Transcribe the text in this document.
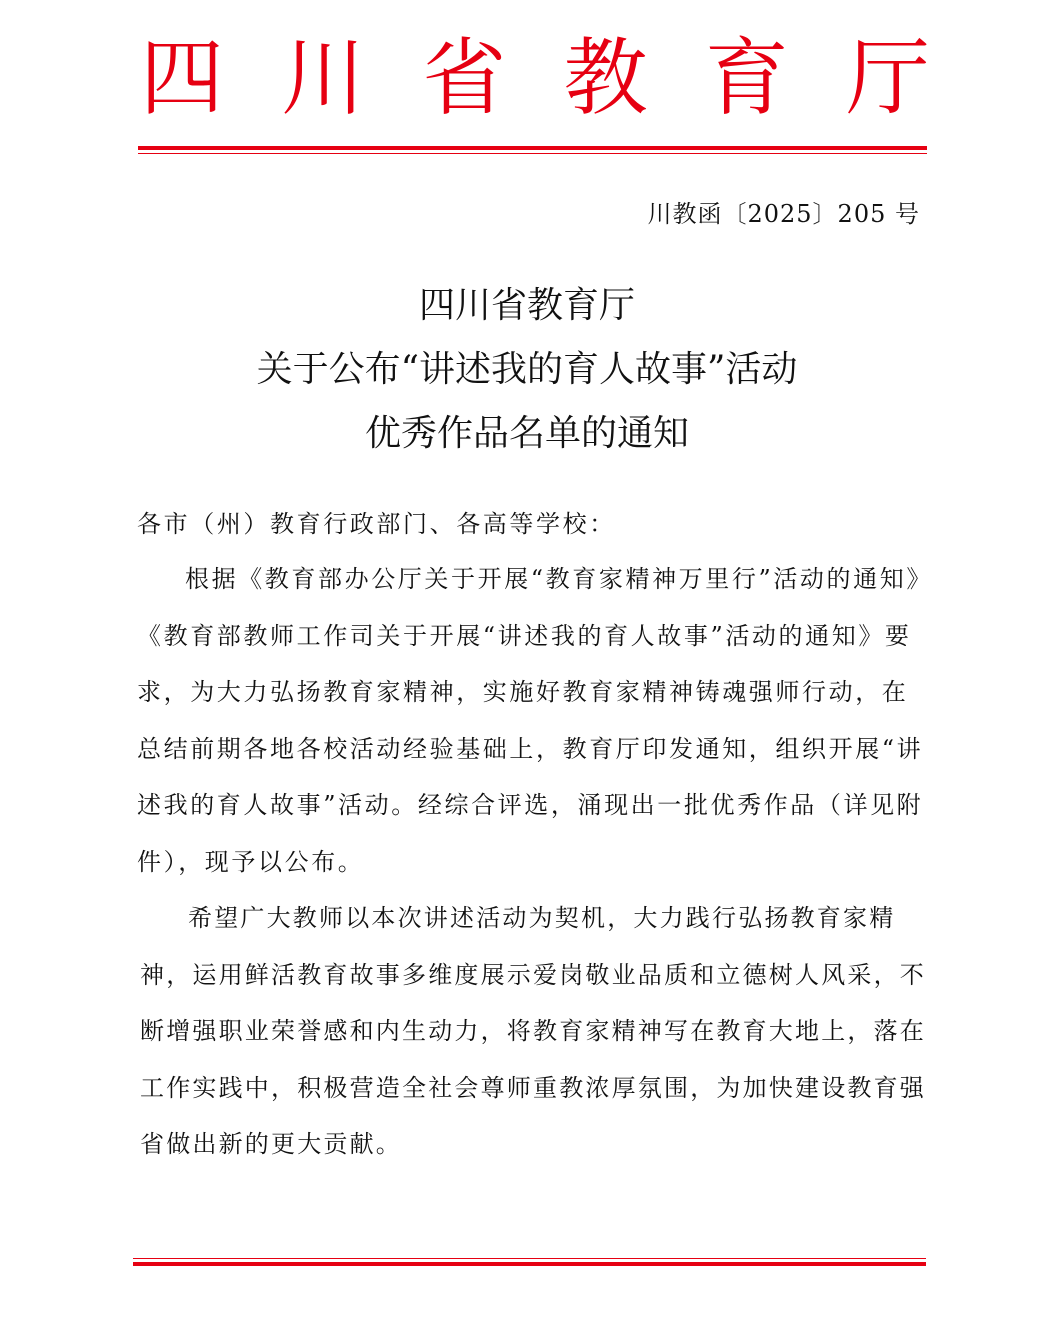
四 川 省 教 育 厅
川教函〔2025〕205 号
四川省教育厅
关于公布“讲述我的育人故事”活动
优秀作品名单的通知
各市（州）教育行政部门、各高等学校：

根据《教育部办公厅关于开展“教育家精神万里行”活动的通知》《教育部教师工作司关于开展“讲述我的育人故事”活动的通知》要求，为大力弘扬教育家精神，实施好教育家精神铸魂强师行动，在总结前期各地各校活动经验基础上，教育厅印发通知，组织开展“讲述我的育人故事”活动。经综合评选，涌现出一批优秀作品（详见附件），现予以公布。

希望广大教师以本次讲述活动为契机，大力践行弘扬教育家精神，运用鲜活教育故事多维度展示爱岗敬业品质和立德树人风采，不断增强职业荣誉感和内生动力，将教育家精神写在教育大地上，落在工作实践中，积极营造全社会尊师重教浓厚氛围，为加快建设教育强省做出新的更大贡献。
